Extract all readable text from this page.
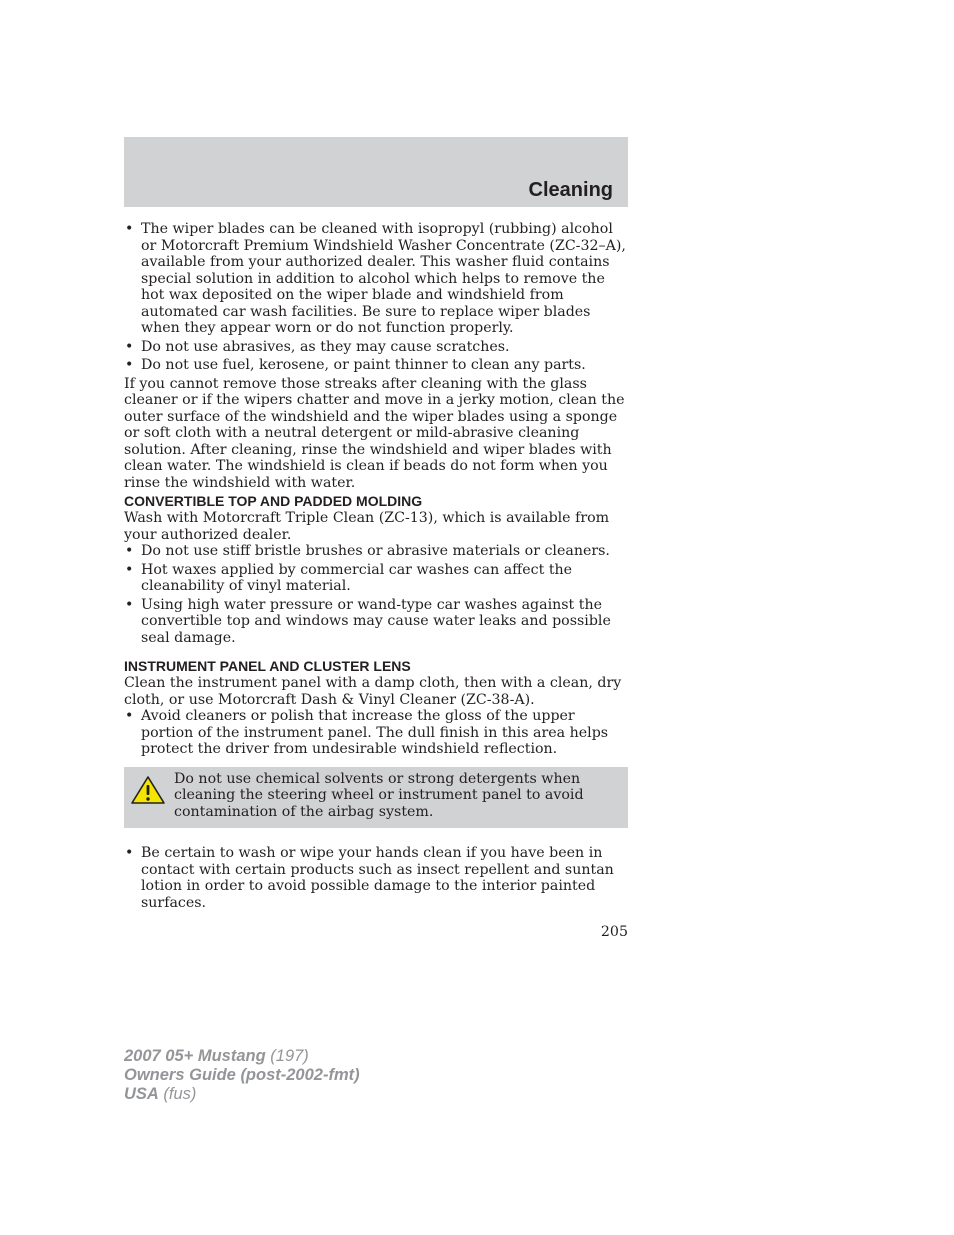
Cleaning
• The wiper blades can be cleaned with isopropyl (rubbing) alcohol or Motorcraft Premium Windshield Washer Concentrate (ZC-32–A), available from your authorized dealer. This washer fluid contains special solution in addition to alcohol which helps to remove the hot wax deposited on the wiper blade and windshield from automated car wash facilities. Be sure to replace wiper blades when they appear worn or do not function properly.
• Do not use abrasives, as they may cause scratches.
• Do not use fuel, kerosene, or paint thinner to clean any parts.

If you cannot remove those streaks after cleaning with the glass cleaner or if the wipers chatter and move in a jerky motion, clean the outer surface of the windshield and the wiper blades using a sponge or soft cloth with a neutral detergent or mild-abrasive cleaning solution. After cleaning, rinse the windshield and wiper blades with clean water. The windshield is clean if beads do not form when you rinse the windshield with water.

CONVERTIBLE TOP AND PADDED MOLDING

Wash with Motorcraft Triple Clean (ZC-13), which is available from your authorized dealer.

• Do not use stiff bristle brushes or abrasive materials or cleaners.
• Hot waxes applied by commercial car washes can affect the cleanability of vinyl material.
• Using high water pressure or wand-type car washes against the convertible top and windows may cause water leaks and possible seal damage.
INSTRUMENT PANEL AND CLUSTER LENS

Clean the instrument panel with a damp cloth, then with a clean, dry cloth, or use Motorcraft Dash & Vinyl Cleaner (ZC-38-A).

• Avoid cleaners or polish that increase the gloss of the upper portion of the instrument panel. The dull finish in this area helps protect the driver from undesirable windshield reflection.
Do not use chemical solvents or strong detergents when cleaning the steering wheel or instrument panel to avoid contamination of the airbag system.
• Be certain to wash or wipe your hands clean if you have been in contact with certain products such as insect repellent and suntan lotion in order to avoid possible damage to the interior painted surfaces.
205
2007 05+ Mustang (197)
Owners Guide (post-2002-fmt)
USA (fus)
